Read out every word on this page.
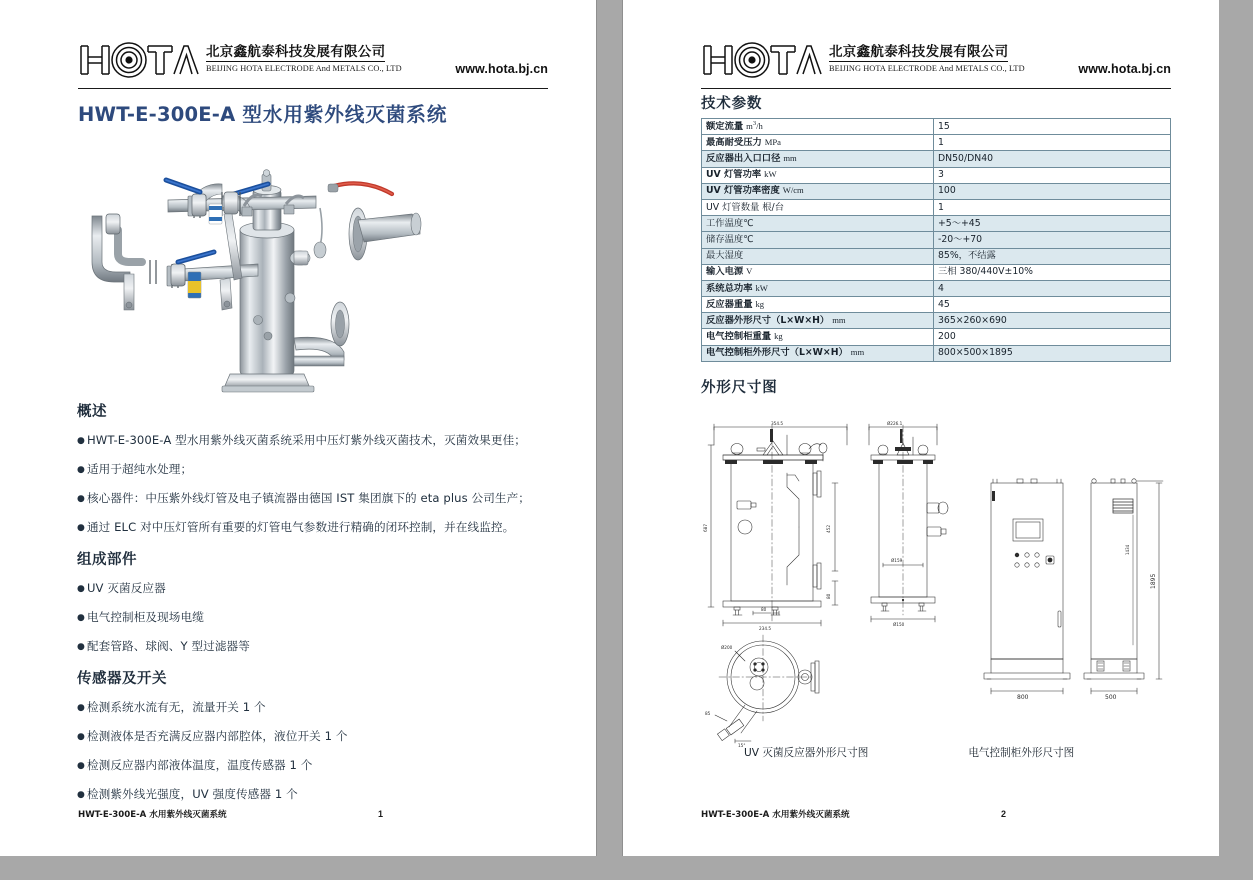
北京鑫航泰科技发展有限公司
BEIJING HOTA ELECTRODE And METALS CO., LTD	www.hota.bj.cn
HWT-E-300E-A 型水用紫外线灭菌系统
概述
● HWT-E-300E-A 型水用紫外线灭菌系统采用中压灯紫外线灭菌技术，灭菌效果更佳；
● 适用于超纯水处理；
● 核心器件：中压紫外线灯管及电子镇流器由德国 IST 集团旗下的 eta plus 公司生产；
● 通过 ELC 对中压灯管所有重要的灯管电气参数进行精确的闭环控制，并在线监控。
组成部件
● UV 灭菌反应器
● 电气控制柜及现场电缆
● 配套管路、球阀、Y 型过滤器等
传感器及开关
● 检测系统水流有无，流量开关 1 个
● 检测液体是否充满反应器内部腔体，液位开关 1 个
● 检测反应器内部液体温度，温度传感器 1 个
● 检测紫外线光强度，UV 强度传感器 1 个
HWT-E-300E-A 水用紫外线灭菌系统	1
北京鑫航泰科技发展有限公司
BEIJING HOTA ELECTRODE And METALS CO., LTD	www.hota.bj.cn
技术参数
额定流量 $m^3/h$	15
最高耐受压力 MPa	1
反应器出入口口径 mm	DN50/DN40
UV 灯管功率 kW	3
UV 灯管功率密度 W/cm	100
UV 灯管数量 根/台	1
工作温度℃	+5～+45
储存温度℃	-20～+70
最大湿度	85%，不结露
输入电源 V	三相 380/440V±10%
系统总功率 kW	4
反应器重量 kg	45
反应器外形尺寸（L×W×H） mm	365×260×690
电气控制柜重量 kg	200
电气控制柜外形尺寸（L×W×H） mm	800×500×1895
外形尺寸图
354.5
687	452
80
80
234.5
Ø226.1
Ø159
Ø150
Ø200
85
15°
800
1434
500
1895
UV 灭菌反应器外形尺寸图	电气控制柜外形尺寸图
HWT-E-300E-A 水用紫外线灭菌系统	2
